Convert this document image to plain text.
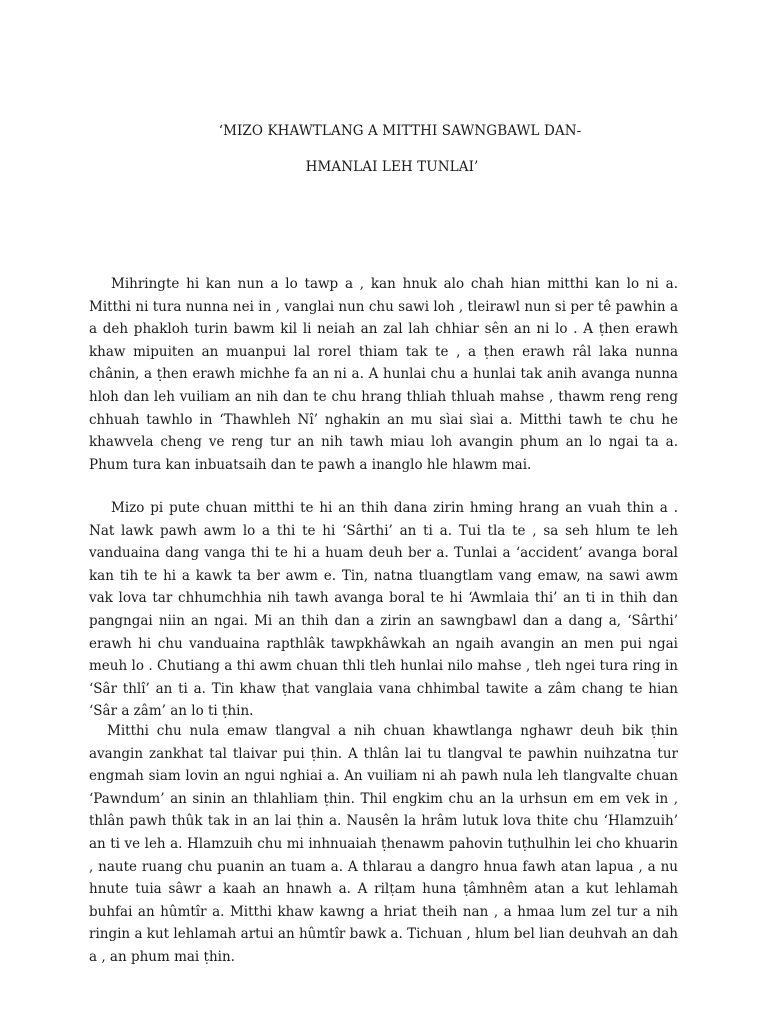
‘MIZO KHAWTLANG A MITTHI SAWNGBAWL DAN-
HMANLAI LEH TUNLAI’

Mihringte hi kan nun a lo tawp a , kan hnuk alo chah hian mitthi kan lo ni a. Mitthi ni tura nunna nei in , vanglai nun chu sawi loh , tleirawl nun si per tê pawhin a a deh phakloh turin bawm kil li neiah an zal lah chhiar sên an ni lo . A ṭhen erawh khaw mipuiten an muanpui lal rorel thiam tak te , a ṭhen erawh râl laka nunna chânin, a ṭhen erawh michhe fa an ni a. A hunlai chu a hunlai tak anih avanga nunna hloh dan leh vuiliam an nih dan te chu hrang thliah thluah mahse , thawm reng reng chhuah tawhlo in ‘Thawhleh Nî’ nghakin an mu sìai sìai a. Mitthi tawh te chu he khawvela cheng ve reng tur an nih tawh miau loh avangin phum an lo ngai ta a. Phum tura kan inbuatsaih dan te pawh a inanglo hle hlawm mai.

Mizo pi pute chuan mitthi te hi an thih dana zirin hming hrang an vuah thin a . Nat lawk pawh awm lo a thi te hi ‘Sârthi’ an ti a. Tui tla te , sa seh hlum te leh vanduaina dang vanga thi te hi a huam deuh ber a. Tunlai a ‘accident’ avanga boral kan tih te hi a kawk ta ber awm e. Tin, natna tluangtlam vang emaw, na sawi awm vak lova tar chhumchhia nih tawh avanga boral te hi ‘Awmlaia thi’ an ti in thih dan pangngai niin an ngai. Mi an thih dan a zirin an sawngbawl dan a dang a, ‘Sârthi’ erawh hi chu vanduaina rapthlâk tawpkhâwkah an ngaih avangin an men pui ngai meuh lo . Chutiang a thi awm chuan thli tleh hunlai nilo mahse , tleh ngei tura ring in ‘Sâr thlî’ an ti a. Tin khaw ṭhat vanglaia vana chhimbal tawite a zâm chang te hian ‘Sâr a zâm’ an lo ti ṭhin.

Mitthi chu nula emaw tlangval a nih chuan khawtlanga nghawr deuh bik ṭhin avangin zankhat tal tlaivar pui ṭhin. A thlân lai tu tlangval te pawhin nuihzatna tur engmah siam lovin an ngui nghiai a. An vuiliam ni ah pawh nula leh tlangvalte chuan ‘Pawndum’ an sinin an thlahliam ṭhin. Thil engkim chu an la urhsun em em vek in , thlân pawh thûk tak in an lai ṭhin a. Nausên la hrâm lutuk lova thite chu ‘Hlamzuih’ an ti ve leh a. Hlamzuih chu mi inhnuaiah ṭhenawm pahovin tuṭhulhin lei cho khuarin , naute ruang chu puanin an tuam a. A thlarau a dangro hnua fawh atan lapua , a nu hnute tuia sâwr a kaah an hnawh a. A rilṭam huna ṭâmhnêm atan a kut lehlamah buhfai an hûmtîr a. Mitthi khaw kawng a hriat theih nan , a hmaa lum zel tur a nih ringin a kut lehlamah artui an hûmtîr bawk a. Tichuan , hlum bel lian deuhvah an dah a , an phum mai ṭhin.
